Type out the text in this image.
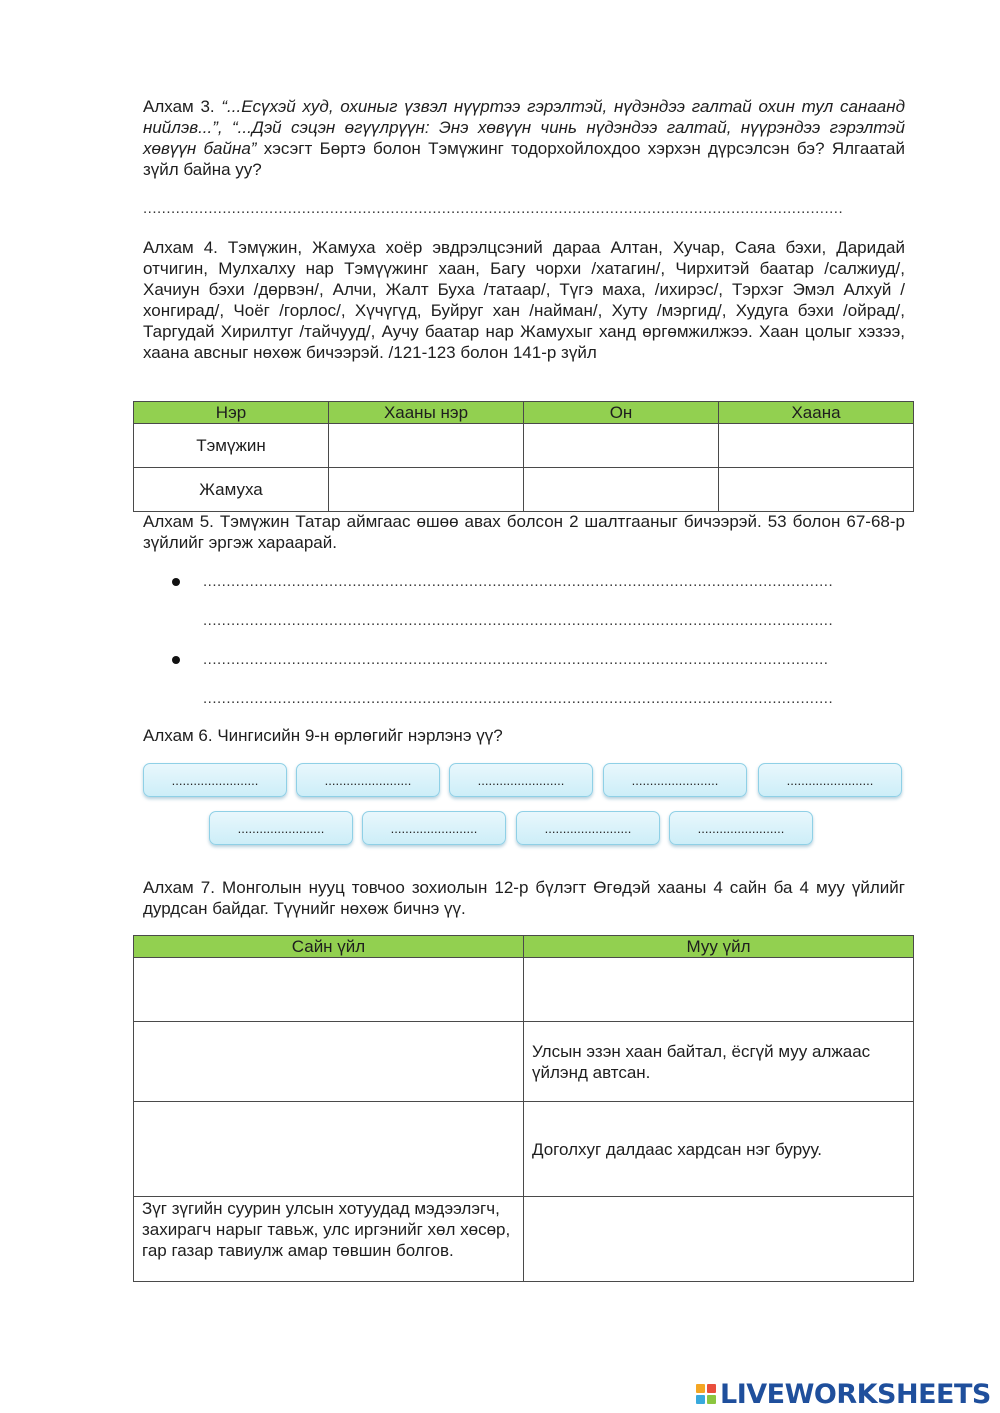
Алхам 3. “...Есүхэй худ, охиныг үзвэл нүүртээ гэрэлтэй, нүдэндээ галтай охин тул санаанд нийлэв...”, “...Дэй сэцэн өгүүлрүүн: Энэ хөвүүн чинь нүдэндээ галтай, нүүрэндээ гэрэлтэй хөвүүн байна” хэсэгт Бөртэ болон Тэмүжинг тодорхойлохдоо хэрхэн дүрсэлсэн бэ? Ялгаатай зүйл байна уу?
......................................................................................................................................................
Алхам 4. Тэмүжин, Жамуха хоёр эвдрэлцсэний дараа Алтан, Хучар, Саяа бэхи, Даридай отчигин, Мулхалху нар Тэмүүжинг хаан, Багу чорхи /хатагин/, Чирхитэй баатар /салжиуд/, Хачиун бэхи /дөрвэн/, Алчи, Жалт Буха /татаар/, Түгэ маха, /ихирэс/, Тэрхэг Эмэл Алхуй /хонгирад/, Чоёг /горлос/, Хүчүгүд, Буйруг хан /найман/, Хуту /мэргид/, Худуга бэхи /ойрад/, Таргудай Хирилтуг /тайчууд/, Аучу баатар нар Жамухыг ханд өргөмжилжээ. Хаан цолыг хэзээ, хаана авсныг нөхөж бичээрэй. /121-123 болон 141-р зүйл
Нэр	Хааны нэр	Он	Хаана
Тэмүжин			
Жамуха			
Алхам 5. Тэмүжин Татар аймгаас өшөө авах болсон 2 шалтгааныг бичээрэй. 53 болон 67-68-р зүйлийг эргэж хараарай.
.......................................................................................................................................
.......................................................................................................................................
......................................................................................................................................
.......................................................................................................................................
Алхам 6. Чингисийн 9-н өрлөгийг нэрлэнэ үү?
........................	........................	........................	........................	........................
........................	........................	........................	........................
Алхам 7. Монголын нууц товчоо зохиолын 12-р бүлэгт Өгөдэй хааны 4 сайн ба 4 муу үйлийг дурдсан байдаг. Түүнийг нөхөж бичнэ үү.
Сайн үйл	Муу үйл

	Улсын эзэн хаан байтал, ёсгүй муу алжаас үйлэнд автсан.
	Доголхуг далдаас хардсан нэг буруу.
Зүг зүгийн суурин улсын хотуудад мэдээлэгч, захирагч нарыг тавьж, улс иргэнийг хөл хөсөр, гар газар тавиулж амар төвшин болгов.	
LIVEWORKSHEETS
